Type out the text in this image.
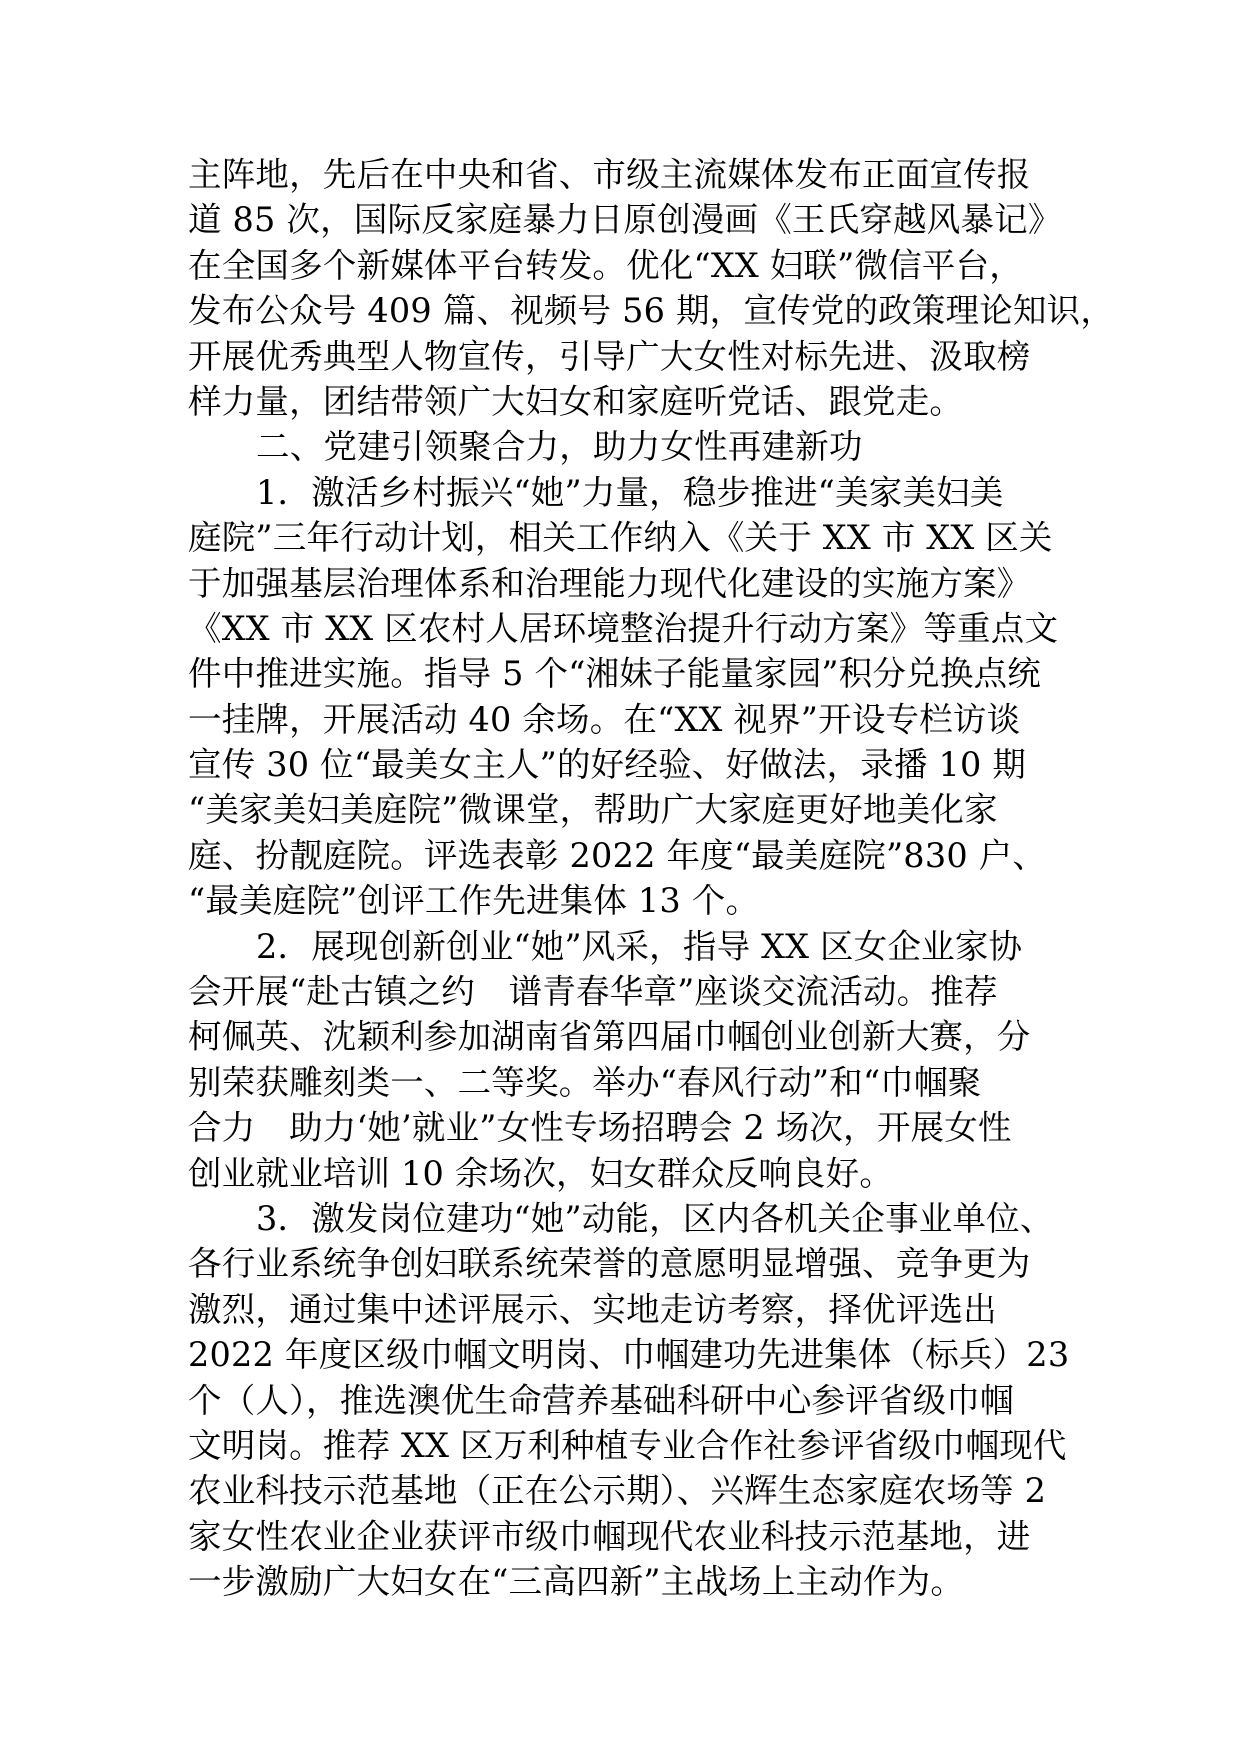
主阵地，先后在中央和省、市级主流媒体发布正面宣传报
道 85 次，国际反家庭暴力日原创漫画《王氏穿越风暴记》
在全国多个新媒体平台转发。优化“XX 妇联”微信平台，
发布公众号 409 篇、视频号 56 期，宣传党的政策理论知识，
开展优秀典型人物宣传，引导广大女性对标先进、汲取榜
样力量，团结带领广大妇女和家庭听党话、跟党走。
二、党建引领聚合力，助力女性再建新功
1．激活乡村振兴“她”力量，稳步推进“美家美妇美
庭院”三年行动计划，相关工作纳入《关于 XX 市 XX 区关
于加强基层治理体系和治理能力现代化建设的实施方案》
《XX 市 XX 区农村人居环境整治提升行动方案》等重点文
件中推进实施。指导 5 个“湘妹子能量家园”积分兑换点统
一挂牌，开展活动 40 余场。在“XX 视界”开设专栏访谈
宣传 30 位“最美女主人”的好经验、好做法，录播 10 期
“美家美妇美庭院”微课堂，帮助广大家庭更好地美化家
庭、扮靓庭院。评选表彰 2022 年度“最美庭院”830 户、
“最美庭院”创评工作先进集体 13 个。
2．展现创新创业“她”风采，指导 XX 区女企业家协
会开展“赴古镇之约　谱青春华章”座谈交流活动。推荐
柯佩英、沈颖利参加湖南省第四届巾帼创业创新大赛，分
别荣获雕刻类一、二等奖。举办“春风行动”和“巾帼聚
合力　助力‘她’就业”女性专场招聘会 2 场次，开展女性
创业就业培训 10 余场次，妇女群众反响良好。
3．激发岗位建功“她”动能，区内各机关企事业单位、
各行业系统争创妇联系统荣誉的意愿明显增强、竞争更为
激烈，通过集中述评展示、实地走访考察，择优评选出
2022 年度区级巾帼文明岗、巾帼建功先进集体（标兵）23
个（人），推选澳优生命营养基础科研中心参评省级巾帼
文明岗。推荐 XX 区万利种植专业合作社参评省级巾帼现代
农业科技示范基地（正在公示期）、兴辉生态家庭农场等 2
家女性农业企业获评市级巾帼现代农业科技示范基地，进
一步激励广大妇女在“三高四新”主战场上主动作为。
